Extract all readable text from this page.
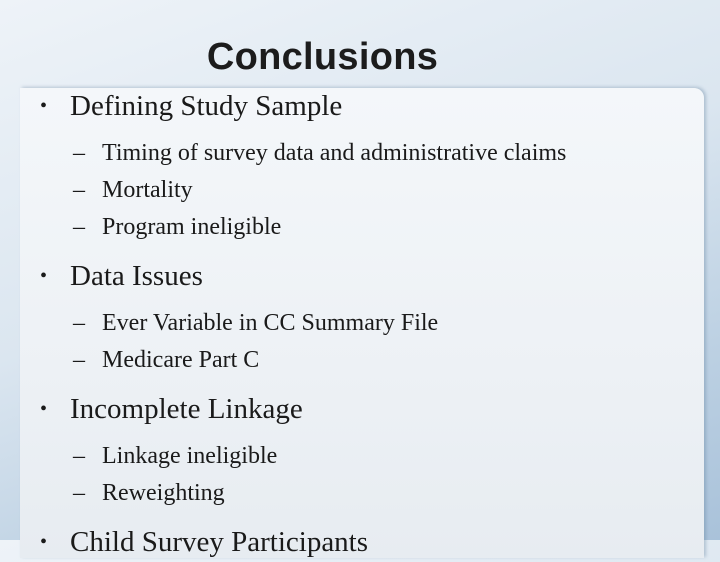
Conclusions

• Defining Study Sample

– Timing of survey data and administrative claims

– Mortality

– Program ineligible

• Data Issues

– Ever Variable in CC Summary File

– Medicare Part C

• Incomplete Linkage

– Linkage ineligible

– Reweighting

• Child Survey Participants
